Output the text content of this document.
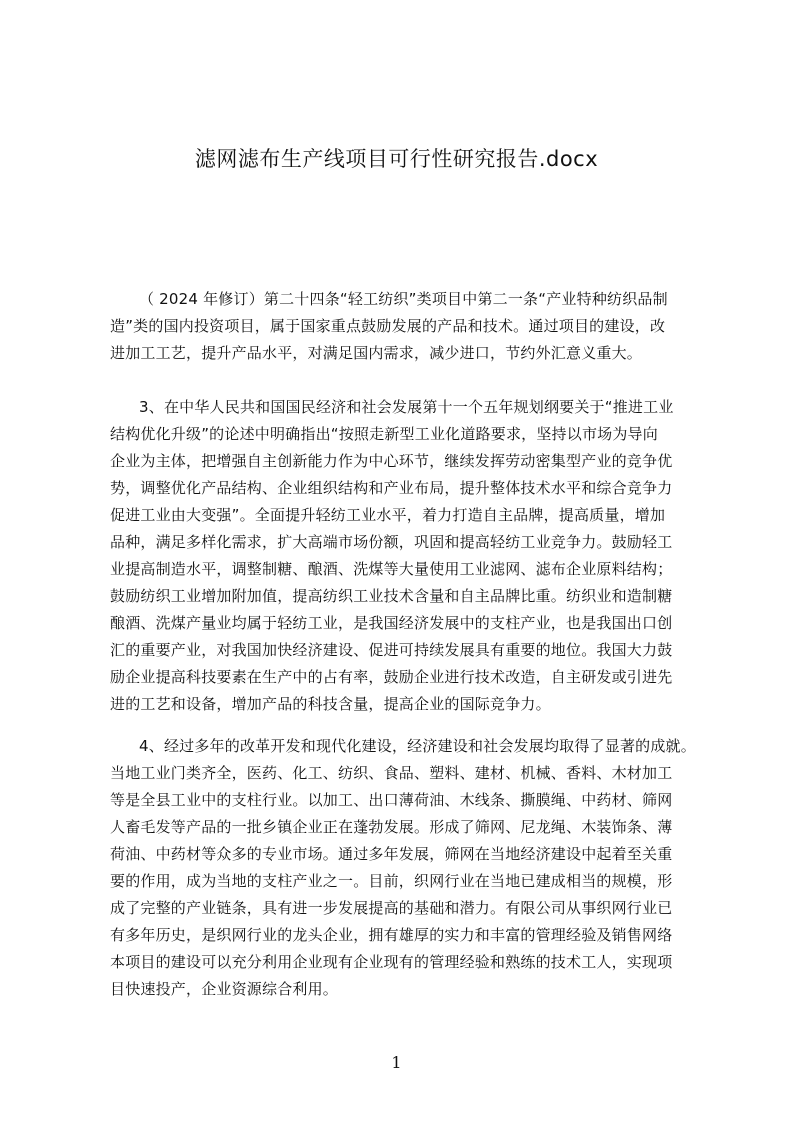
滤网滤布生产线项目可行性研究报告.docx
（ 2024 年修订）第二十四条“轻工纺织”类项目中第二一条“产业特种纺织品制
造”类的国内投资项目，属于国家重点鼓励发展的产品和技术。通过项目的建设，改
进加工工艺，提升产品水平，对满足国内需求，减少进口，节约外汇意义重大。
3、在中华人民共和国国民经济和社会发展第十一个五年规划纲要关于“推进工业
结构优化升级”的论述中明确指出“按照走新型工业化道路要求，坚持以市场为导向
企业为主体，把增强自主创新能力作为中心环节，继续发挥劳动密集型产业的竞争优
势，调整优化产品结构、企业组织结构和产业布局，提升整体技术水平和综合竞争力
促进工业由大变强”。全面提升轻纺工业水平，着力打造自主品牌，提高质量，增加
品种，满足多样化需求，扩大高端市场份额，巩固和提高轻纺工业竞争力。鼓励轻工
业提高制造水平，调整制糖、酿酒、洗煤等大量使用工业滤网、滤布企业原料结构；
鼓励纺织工业增加附加值，提高纺织工业技术含量和自主品牌比重。纺织业和造制糖
酿酒、洗煤产量业均属于轻纺工业，是我国经济发展中的支柱产业，也是我国出口创
汇的重要产业，对我国加快经济建设、促进可持续发展具有重要的地位。我国大力鼓
励企业提高科技要素在生产中的占有率，鼓励企业进行技术改造，自主研发或引进先
进的工艺和设备，增加产品的科技含量，提高企业的国际竞争力。
4、经过多年的改革开发和现代化建设，经济建设和社会发展均取得了显著的成就。
当地工业门类齐全，医药、化工、纺织、食品、塑料、建材、机械、香料、木材加工
等是全县工业中的支柱行业。以加工、出口薄荷油、木线条、撕膜绳、中药材、筛网
人畜毛发等产品的一批乡镇企业正在蓬勃发展。形成了筛网、尼龙绳、木装饰条、薄
荷油、中药材等众多的专业市场。通过多年发展，筛网在当地经济建设中起着至关重
要的作用，成为当地的支柱产业之一。目前，织网行业在当地已建成相当的规模，形
成了完整的产业链条，具有进一步发展提高的基础和潜力。有限公司从事织网行业已
有多年历史，是织网行业的龙头企业，拥有雄厚的实力和丰富的管理经验及销售网络
本项目的建设可以充分利用企业现有企业现有的管理经验和熟练的技术工人，实现项
目快速投产，企业资源综合利用。
1
